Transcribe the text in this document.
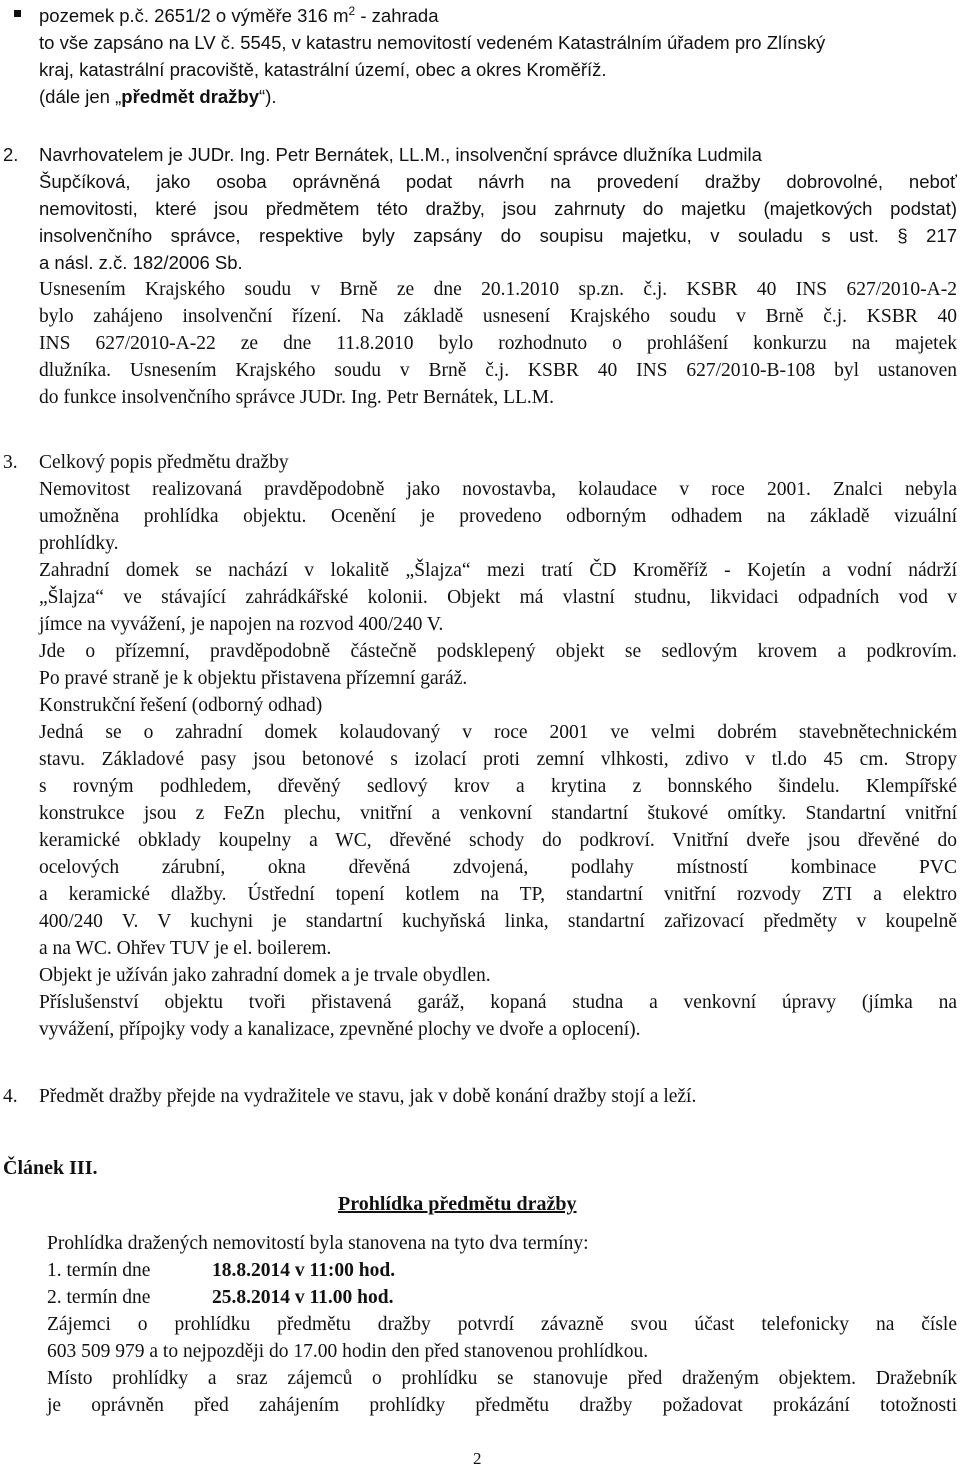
pozemek p.č. 2651/2 o výměře 316 $m^2$ - zahrada
to vše zapsáno na LV č. 5545, v katastru nemovitostí vedeném Katastrálním úřadem pro Zlínský
kraj, katastrální pracoviště, katastrální území, obec a okres Kroměříž.
(dále jen „předmět dražby“).
2. Navrhovatelem je JUDr. Ing. Petr Bernátek, LL.M., insolvenční správce dlužníka Ludmila
Šupčíková, jako osoba oprávněná podat návrh na provedení dražby dobrovolné, neboť
nemovitosti, které jsou předmětem této dražby, jsou zahrnuty do majetku (majetkových podstat)
insolvenčního správce, respektive byly zapsány do soupisu majetku, v souladu s ust. § 217
a násl. z.č. 182/2006 Sb.
Usnesením Krajského soudu v Brně ze dne 20.1.2010 sp.zn. č.j. KSBR 40 INS 627/2010-A-2
bylo zahájeno insolvenční řízení. Na základě usnesení Krajského soudu v Brně č.j. KSBR 40
INS 627/2010-A-22 ze dne 11.8.2010 bylo rozhodnuto o prohlášení konkurzu na majetek
dlužníka. Usnesením Krajského soudu v Brně č.j. KSBR 40 INS 627/2010-B-108 byl ustanoven
do funkce insolvenčního správce JUDr. Ing. Petr Bernátek, LL.M.
3. Celkový popis předmětu dražby
Nemovitost realizovaná pravděpodobně jako novostavba, kolaudace v roce 2001. Znalci nebyla
umožněna prohlídka objektu. Ocenění je provedeno odborným odhadem na základě vizuální
prohlídky.
Zahradní domek se nachází v lokalitě „Šlajza“ mezi tratí ČD Kroměříž - Kojetín a vodní nádrží
„Šlajza“ ve stávající zahrádkářské kolonii. Objekt má vlastní studnu, likvidaci odpadních vod v
jímce na vyvážení, je napojen na rozvod 400/240 V.
Jde o přízemní, pravděpodobně částečně podsklepený objekt se sedlovým krovem a podkrovím.
Po pravé straně je k objektu přistavena přízemní garáž.
Konstrukční řešení (odborný odhad)
Jedná se o zahradní domek kolaudovaný v roce 2001 ve velmi dobrém stavebnětechnickém
stavu. Základové pasy jsou betonové s izolací proti zemní vlhkosti, zdivo v tl.do 45 cm. Stropy
s rovným podhledem, dřevěný sedlový krov a krytina z bonnského šindelu. Klempířské
konstrukce jsou z FeZn plechu, vnitřní a venkovní standartní štukové omítky. Standartní vnitřní
keramické obklady koupelny a WC, dřevěné schody do podkroví. Vnitřní dveře jsou dřevěné do
ocelových zárubní, okna dřevěná zdvojená, podlahy místností kombinace PVC
a keramické dlažby. Ústřední topení kotlem na TP, standartní vnitřní rozvody ZTI a elektro
400/240 V. V kuchyni je standartní kuchyňská linka, standartní zařizovací předměty v koupelně
a na WC. Ohřev TUV je el. boilerem.
Objekt je užíván jako zahradní domek a je trvale obydlen.
Příslušenství objektu tvoři přistavená garáž, kopaná studna a venkovní úpravy (jímka na
vyvážení, přípojky vody a kanalizace, zpevněné plochy ve dvoře a oplocení).
4. Předmět dražby přejde na vydražitele ve stavu, jak v době konání dražby stojí a leží.
Článek III.
Prohlídka předmětu dražby
Prohlídka dražených nemovitostí byla stanovena na tyto dva termíny:
1. termín dne	18.8.2014 v 11:00 hod.
2. termín dne	25.8.2014 v 11.00 hod.
Zájemci o prohlídku předmětu dražby potvrdí závazně svou účast telefonicky na čísle
603 509 979 a to nejpozději do 17.00 hodin den před stanovenou prohlídkou.
Místo prohlídky a sraz zájemců o prohlídku se stanovuje před draženým objektem. Dražebník
je oprávněn před zahájením prohlídky předmětu dražby požadovat prokázání totožnosti
2
